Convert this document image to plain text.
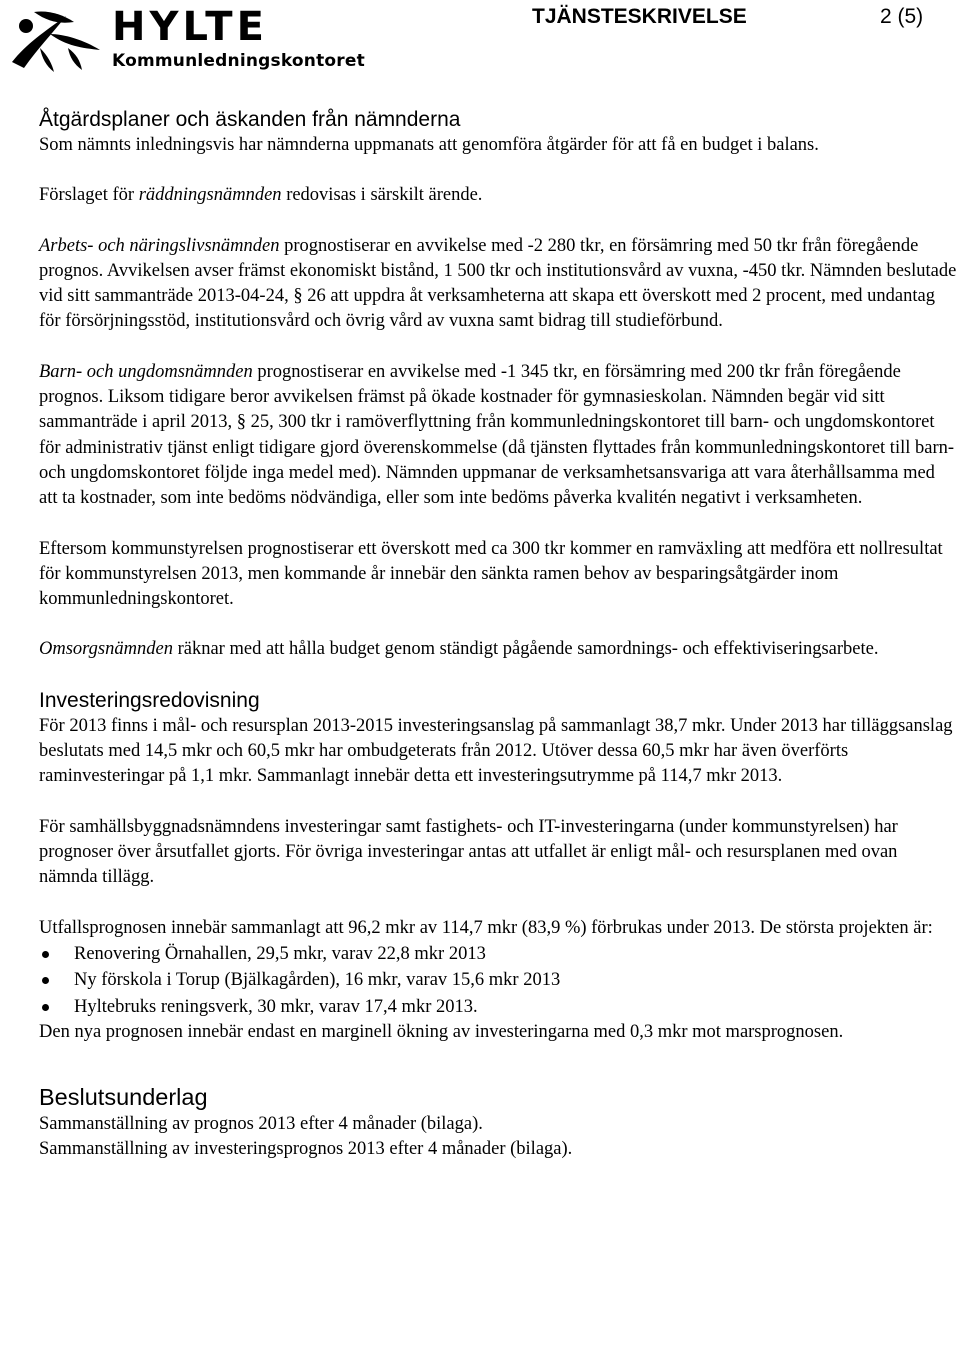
HYLTE
Kommunledningskontoret
TJÄNSTESKRIVELSE	2 (5)
Åtgärdsplaner och äskanden från nämnderna

Som nämnts inledningsvis har nämnderna uppmanats att genomföra åtgärder för att få en budget i balans.

Förslaget för räddningsnämnden redovisas i särskilt ärende.

Arbets- och näringslivsnämnden prognostiserar en avvikelse med -2 280 tkr, en försämring med 50 tkr från föregående prognos. Avvikelsen avser främst ekonomiskt bistånd, 1 500 tkr och institutionsvård av vuxna, -450 tkr. Nämnden beslutade vid sitt sammanträde 2013-04-24, § 26 att uppdra åt verksamheterna att skapa ett överskott med 2 procent, med undantag för försörjningsstöd, institutionsvård och övrig vård av vuxna samt bidrag till studieförbund.

Barn- och ungdomsnämnden prognostiserar en avvikelse med -1 345 tkr, en försämring med 200 tkr från föregående prognos. Liksom tidigare beror avvikelsen främst på ökade kostnader för gymnasieskolan. Nämnden begär vid sitt sammanträde i april 2013, § 25, 300 tkr i ramöverflyttning från kommunledningskontoret till barn- och ungdomskontoret för administrativ tjänst enligt tidigare gjord överenskommelse (då tjänsten flyttades från kommunledningskontoret till barn- och ungdomskontoret följde inga medel med). Nämnden uppmanar de verksamhetsansvariga att vara återhållsamma med att ta kostnader, som inte bedöms nödvändiga, eller som inte bedöms påverka kvalitén negativt i verksamheten.

Eftersom kommunstyrelsen prognostiserar ett överskott med ca 300 tkr kommer en ramväxling att medföra ett nollresultat för kommunstyrelsen 2013, men kommande år innebär den sänkta ramen behov av besparingsåtgärder inom kommunledningskontoret.

Omsorgsnämnden räknar med att hålla budget genom ständigt pågående samordnings- och effektiviseringsarbete.

Investeringsredovisning

För 2013 finns i mål- och resursplan 2013-2015 investeringsanslag på sammanlagt 38,7 mkr. Under 2013 har tilläggsanslag beslutats med 14,5 mkr och 60,5 mkr har ombudgeterats från 2012. Utöver dessa 60,5 mkr har även överförts raminvesteringar på 1,1 mkr. Sammanlagt innebär detta ett investeringsutrymme på 114,7 mkr 2013.

För samhällsbyggnadsnämndens investeringar samt fastighets- och IT-investeringarna (under kommunstyrelsen) har prognoser över årsutfallet gjorts. För övriga investeringar antas att utfallet är enligt mål- och resursplanen med ovan nämnda tillägg.

Utfallsprognosen innebär sammanlagt att 96,2 mkr av 114,7 mkr (83,9 %) förbrukas under 2013. De största projekten är:

Renovering Örnahallen, 29,5 mkr, varav 22,8 mkr 2013
Ny förskola i Torup (Bjälkagården), 16 mkr, varav 15,6 mkr 2013
Hyltebruks reningsverk, 30 mkr, varav 17,4 mkr 2013.

Den nya prognosen innebär endast en marginell ökning av investeringarna med 0,3 mkr mot marsprognosen.

Beslutsunderlag

Sammanställning av prognos 2013 efter 4 månader (bilaga).

Sammanställning av investeringsprognos 2013 efter 4 månader (bilaga).
